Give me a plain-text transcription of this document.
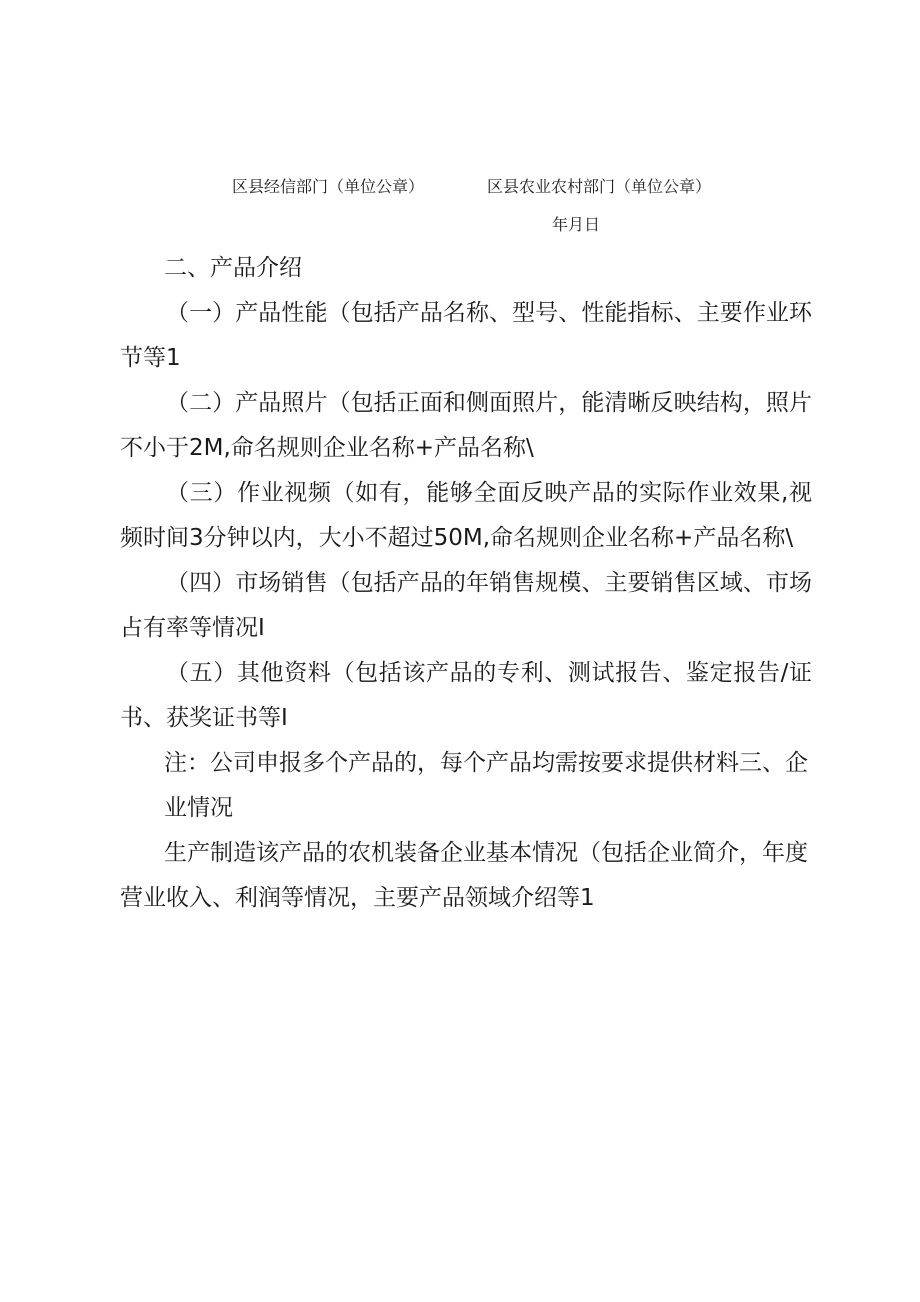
区县经信部门（单位公章）	区县农业农村部门（单位公章）
年月日

二、产品介绍

（一）产品性能（包括产品名称、型号、性能指标、主要作业环节等1

（二）产品照片（包括正面和侧面照片，能清晰反映结构，照片不小于2M,命名规则企业名称+产品名称\

（三）作业视频（如有，能够全面反映产品的实际作业效果,视频时间3分钟以内，大小不超过50M,命名规则企业名称+产品名称\

（四）市场销售（包括产品的年销售规模、主要销售区域、市场占有率等情况I

（五）其他资料（包括该产品的专利、测试报告、鉴定报告/证书、获奖证书等I

注：公司申报多个产品的，每个产品均需按要求提供材料三、企

业情况

生产制造该产品的农机装备企业基本情况（包括企业简介，年度营业收入、利润等情况，主要产品领域介绍等1
